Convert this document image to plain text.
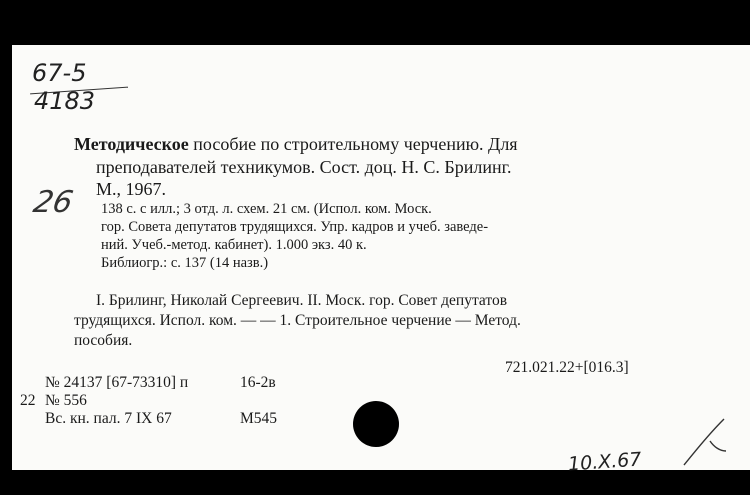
67-5
4183
26
Методическое пособие по строительному черчению. Для
преподавателей техникумов. Сост. доц. Н. С. Брилинг.
М., 1967.
138 с. с илл.; 3 отд. л. схем. 21 см. (Испол. ком. Моск.
гор. Совета депутатов трудящихся. Упр. кадров и учеб. заведе-
ний. Учеб.-метод. кабинет). 1.000 экз. 40 к.
Библиогр.: с. 137 (14 назв.)
I. Брилинг, Николай Сергеевич. II. Моск. гор. Совет депутатов
трудящихся. Испол. ком. — — 1. Строительное черчение — Метод.
пособия.
721.021.22+[016.3]
№ 24137 [67-73310] п	16-2в
22 № 556
Вс. кн. пал. 7 IX 67	М545
10.X.67
